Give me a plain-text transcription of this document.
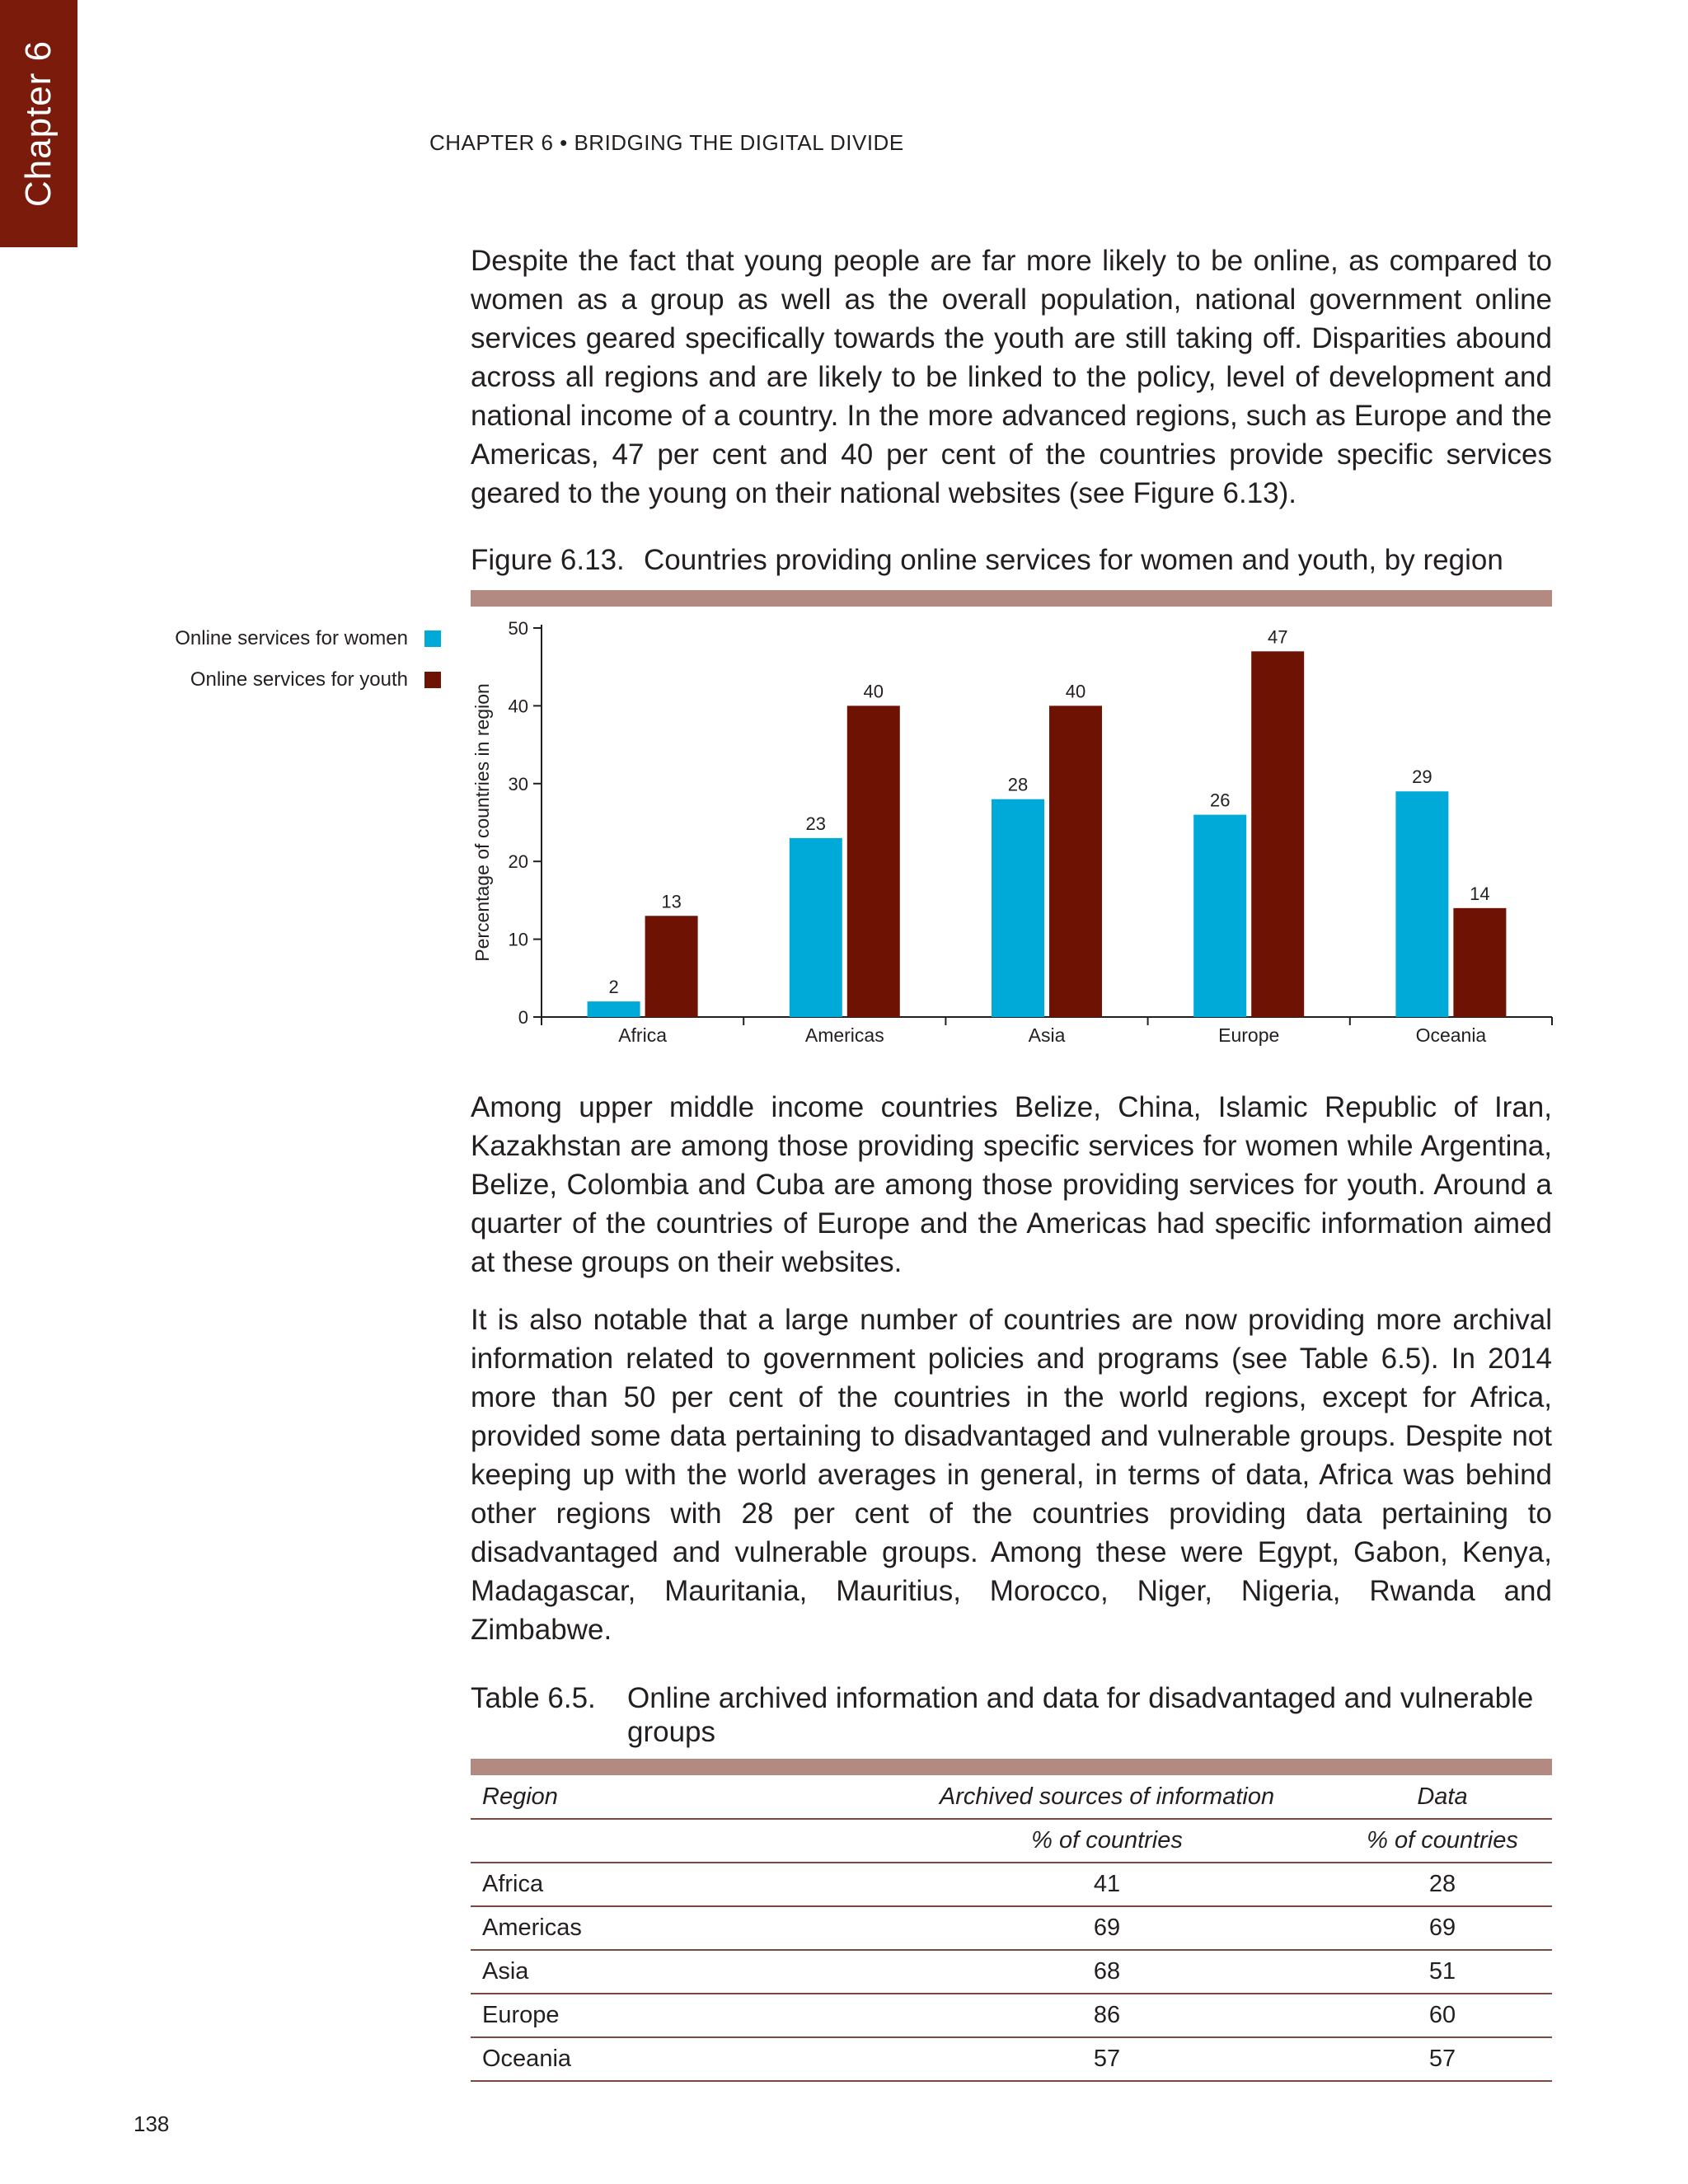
Chapter 6	CHAPTER 6 • BRIDGING THE DIGITAL DIVIDE

Despite the fact that young people are far more likely to be online, as compared to women as a group as well as the overall population, national government online services geared specifically towards the youth are still taking off. Disparities abound across all regions and are likely to be linked to the policy, level of development and national income of a country. In the more advanced regions, such as Europe and the Americas, 47 per cent and 40 per cent of the countries provide specific services geared to the young on their national websites (see Figure 6.13).

Figure 6.13. Countries providing online services for women and youth, by region
Online services for women
Online services for youth
0
10
20
30
40
50
Percentage of countries in region
Africa
2
13
Americas
23
40
Asia
28
40
Europe
26
47
Oceania
29
14

Among upper middle income countries Belize, China, Islamic Republic of Iran, Kazakhstan are among those providing specific services for women while Argentina, Belize, Colombia and Cuba are among those providing services for youth. Around a quarter of the countries of Europe and the Americas had specific information aimed at these groups on their websites.

It is also notable that a large number of countries are now providing more archival information related to government policies and programs (see Table 6.5). In 2014 more than 50 per cent of the countries in the world regions, except for Africa, provided some data pertaining to disadvantaged and vulnerable groups. Despite not keeping up with the world averages in general, in terms of data, Africa was behind other regions with 28 per cent of the countries providing data pertaining to disadvantaged and vulnerable groups. Among these were Egypt, Gabon, Kenya, Madagascar, Mauritania, Mauritius, Morocco, Niger, Nigeria, Rwanda and Zimbabwe.

Table 6.5.	Online archived information and data for disadvantaged and vulnerable groups
Region	Archived sources of information	Data
	% of countries	% of countries
Africa	41	28
Americas	69	69
Asia	68	51
Europe	86	60
Oceania	57	57
138
